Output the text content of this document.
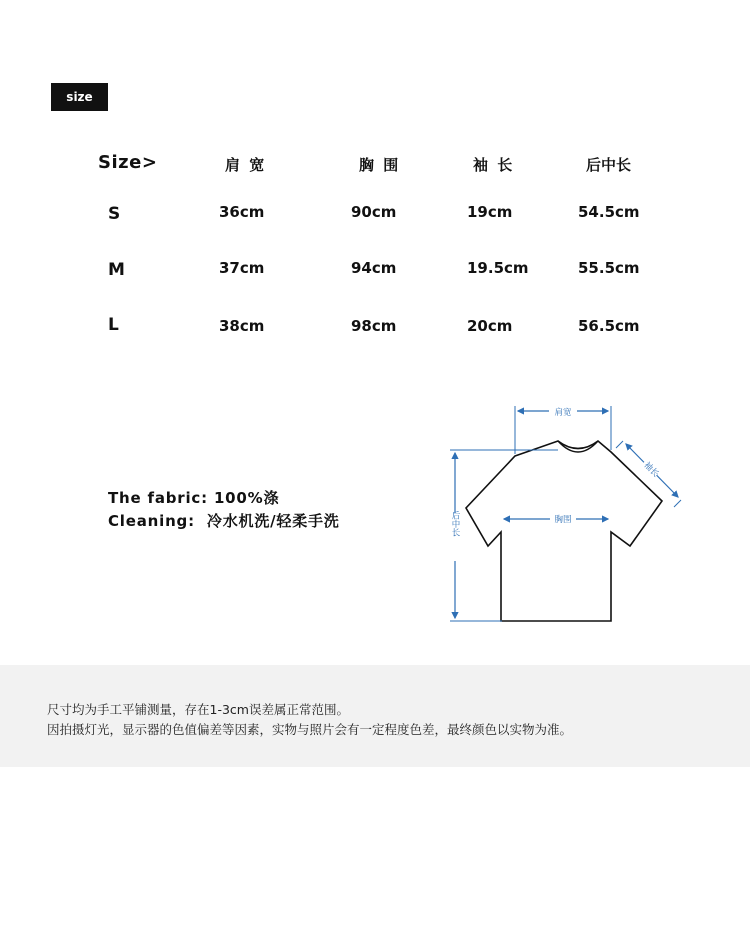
size
Size>	肩 宽	胸 围	袖 长	后中长
S	36cm	90cm	19cm	54.5cm
M	37cm	94cm	19.5cm	55.5cm
L	38cm	98cm	20cm	56.5cm
The fabric: 100%涤
Cleaning:  冷水机洗/轻柔手洗
肩宽
胸围
袖长
后中长
尺寸均为手工平铺测量，存在1-3cm误差属正常范围。
因拍摄灯光，显示器的色值偏差等因素，实物与照片会有一定程度色差，最终颜色以实物为准。
